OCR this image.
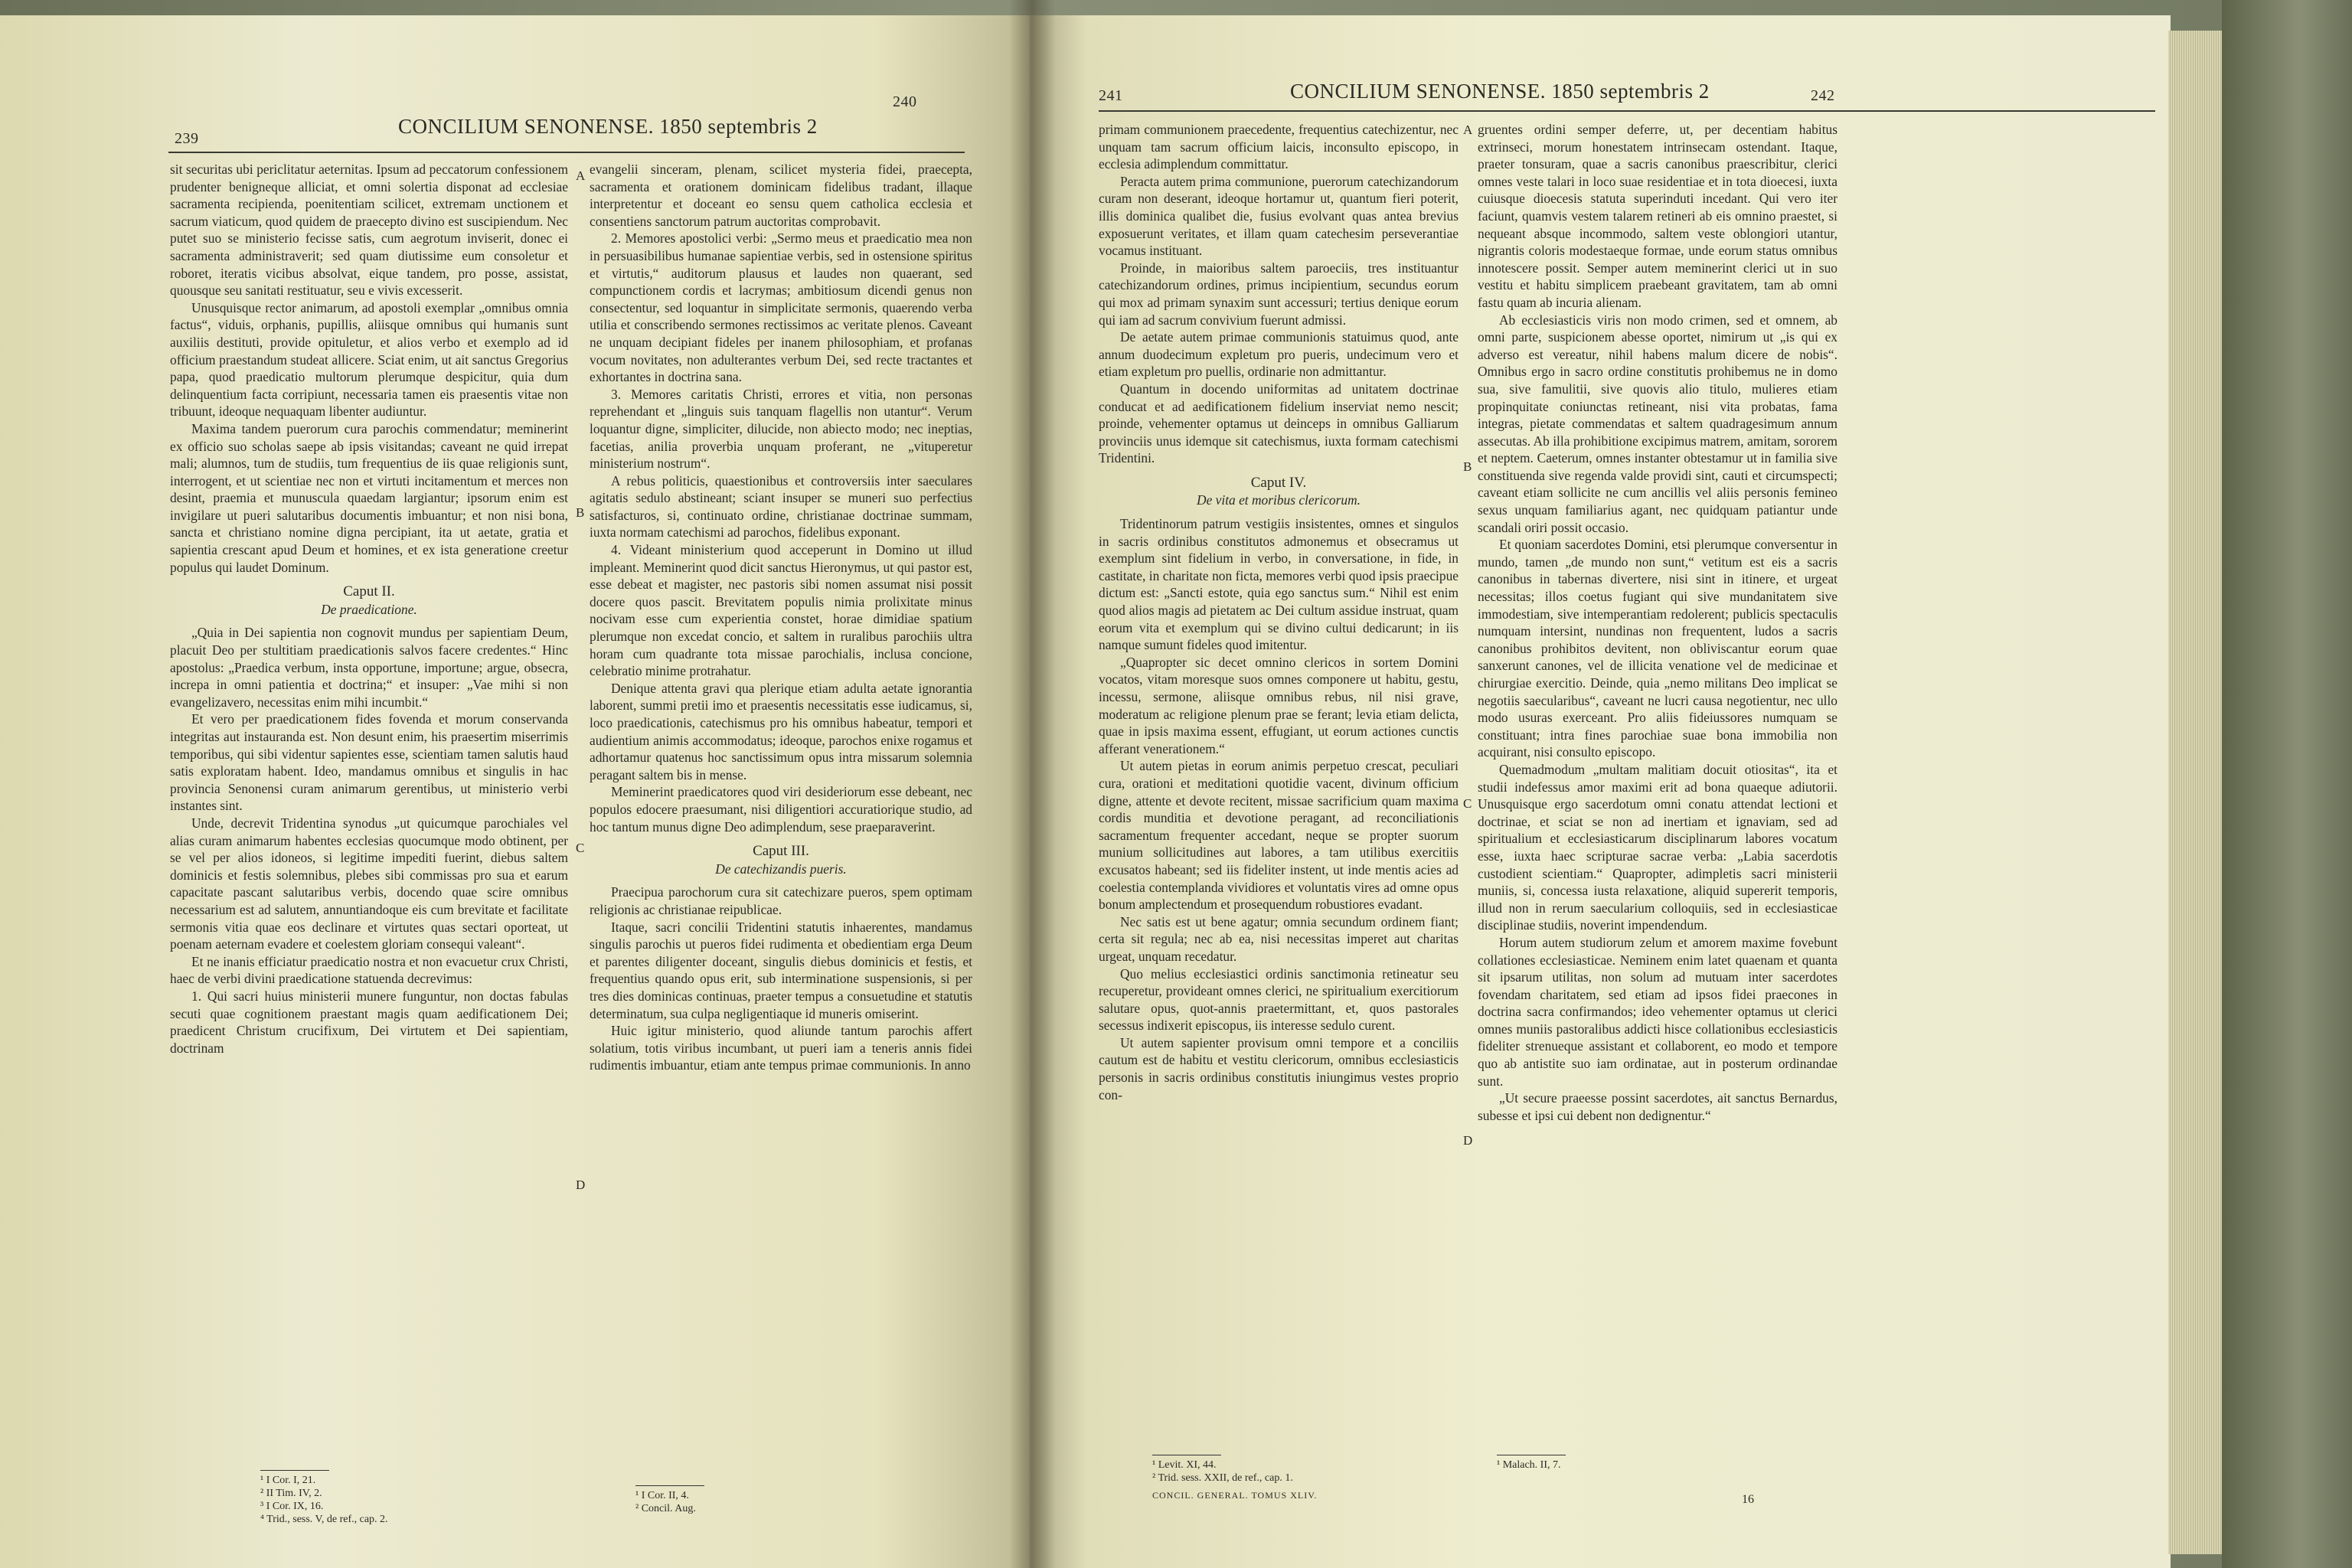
CONCILIUM SENONENSE. 1850 septembris 2
239
240

sit securitas ubi periclitatur aeternitas. Ipsum ad peccatorum confessionem prudenter benigneque alliciat, et omni solertia disponat ad ecclesiae sacramenta recipienda, poenitentiam scilicet, extremam unctionem et sacrum viaticum, quod quidem de praecepto divino est suscipiendum. Nec putet suo se ministerio fecisse satis, cum aegrotum inviserit, donec ei sacramenta administraverit; sed quam diutissime eum consoletur et roboret, iteratis vicibus absolvat, eique tandem, pro posse, assistat, quousque seu sanitati restituatur, seu e vivis excesserit.

Unusquisque rector animarum, ad apostoli exemplar „omnibus omnia factus“, viduis, orphanis, pupillis, aliisque omnibus qui humanis sunt auxiliis destituti, provide opituletur, et alios verbo et exemplo ad id officium praestandum studeat allicere. Sciat enim, ut ait sanctus Gregorius papa, quod praedicatio multorum plerumque despicitur, quia dum delinquentium facta corripiunt, necessaria tamen eis praesentis vitae non tribuunt, ideoque nequaquam libenter audiuntur.

Maxima tandem puerorum cura parochis commendatur; meminerint ex officio suo scholas saepe ab ipsis visitandas; caveant ne quid irrepat mali; alumnos, tum de studiis, tum frequentius de iis quae religionis sunt, interrogent, et ut scientiae nec non et virtuti incitamentum et merces non desint, praemia et munuscula quaedam largiantur; ipsorum enim est invigilare ut pueri salutaribus documentis imbuantur; et non nisi bona, sancta et christiano nomine digna percipiant, ita ut aetate, gratia et sapientia crescant apud Deum et homines, et ex ista generatione creetur populus qui laudet Dominum.

Caput II.

De praedicatione.

„Quia in Dei sapientia non cognovit mundus per sapientiam Deum, placuit Deo per stultitiam praedicationis salvos facere credentes.“ Hinc apostolus: „Praedica verbum, insta opportune, importune; argue, obsecra, increpa in omni patientia et doctrina;“ et insuper: „Vae mihi si non evangelizavero, necessitas enim mihi incumbit.“

Et vero per praedicationem fides fovenda et morum conservanda integritas aut instauranda est. Non desunt enim, his praesertim miserrimis temporibus, qui sibi videntur sapientes esse, scientiam tamen salutis haud satis exploratam habent. Ideo, mandamus omnibus et singulis in hac provincia Senonensi curam animarum gerentibus, ut ministerio verbi instantes sint.

Unde, decrevit Tridentina synodus „ut quicumque parochiales vel alias curam animarum habentes ecclesias quocumque modo obtinent, per se vel per alios idoneos, si legitime impediti fuerint, diebus saltem dominicis et festis solemnibus, plebes sibi commissas pro sua et earum capacitate pascant salutaribus verbis, docendo quae scire omnibus necessarium est ad salutem, annuntiandoque eis cum brevitate et facilitate sermonis vitia quae eos declinare et virtutes quas sectari oporteat, ut poenam aeternam evadere et coelestem gloriam consequi valeant“.

Et ne inanis efficiatur praedicatio nostra et non evacuetur crux Christi, haec de verbi divini praedicatione statuenda decrevimus:

1. Qui sacri huius ministerii munere funguntur, non doctas fabulas secuti quae cognitionem praestant magis quam aedificationem Dei; praedicent Christum crucifixum, Dei virtutem et Dei sapientiam, doctrinam

¹ I Cor. I, 21.
² II Tim. IV, 2.
³ I Cor. IX, 16.
⁴ Trid., sess. V, de ref., cap. 2.

evangelii sinceram, plenam, scilicet mysteria fidei, praecepta, sacramenta et orationem dominicam fidelibus tradant, illaque interpretentur et doceant eo sensu quem catholica ecclesia et consentiens sanctorum patrum auctoritas comprobavit.

2. Memores apostolici verbi: „Sermo meus et praedicatio mea non in persuasibilibus humanae sapientiae verbis, sed in ostensione spiritus et virtutis,“ auditorum plausus et laudes non quaerant, sed compunctionem cordis et lacrymas; ambitiosum dicendi genus non consectentur, sed loquantur in simplicitate sermonis, quaerendo verba utilia et conscribendo sermones rectissimos ac veritate plenos. Caveant ne unquam decipiant fideles per inanem philosophiam, et profanas vocum novitates, non adulterantes verbum Dei, sed recte tractantes et exhortantes in doctrina sana.

3. Memores caritatis Christi, errores et vitia, non personas reprehendant et „linguis suis tanquam flagellis non utantur“. Verum loquantur digne, simpliciter, dilucide, non abiecto modo; nec ineptias, facetias, anilia proverbia unquam proferant, ne „vituperetur ministerium nostrum“.

A rebus politicis, quaestionibus et controversiis inter saeculares agitatis sedulo abstineant; sciant insuper se muneri suo perfectius satisfacturos, si, continuato ordine, christianae doctrinae summam, iuxta normam catechismi ad parochos, fidelibus exponant.

4. Videant ministerium quod acceperunt in Domino ut illud impleant. Meminerint quod dicit sanctus Hieronymus, ut qui pastor est, esse debeat et magister, nec pastoris sibi nomen assumat nisi possit docere quos pascit. Brevitatem populis nimia prolixitate minus nocivam esse cum experientia constet, horae dimidiae spatium plerumque non excedat concio, et saltem in ruralibus parochiis ultra horam cum quadrante tota missae parochialis, inclusa concione, celebratio minime protrahatur.

Denique attenta gravi qua plerique etiam adulta aetate ignorantia laborent, summi pretii imo et praesentis necessitatis esse iudicamus, si, loco praedicationis, catechismus pro his omnibus habeatur, tempori et audientium animis accommodatus; ideoque, parochos enixe rogamus et adhortamur quatenus hoc sanctissimum opus intra missarum solemnia peragant saltem bis in mense.

Meminerint praedicatores quod viri desideriorum esse debeant, nec populos edocere praesumant, nisi diligentiori accuratiorique studio, ad hoc tantum munus digne Deo adimplendum, sese praeparaverint.

Caput III.

De catechizandis pueris.

Praecipua parochorum cura sit catechizare pueros, spem optimam religionis ac christianae reipublicae.

Itaque, sacri concilii Tridentini statutis inhaerentes, mandamus singulis parochis ut pueros fidei rudimenta et obedientiam erga Deum et parentes diligenter doceant, singulis diebus dominicis et festis, et frequentius quando opus erit, sub interminatione suspensionis, si per tres dies dominicas continuas, praeter tempus a consuetudine et statutis determinatum, sua culpa negligentiaque id muneris omiserint.

Huic igitur ministerio, quod aliunde tantum parochis affert solatium, totis viribus incumbant, ut pueri iam a teneris annis fidei rudimentis imbuantur, etiam ante tempus primae communionis. In anno

¹ I Cor. II, 4.
² Concil. Aug.
A
B
C
D
CONCILIUM SENONENSE. 1850 septembris 2
241	242

primam communionem praecedente, frequentius catechizentur, nec unquam tam sacrum officium laicis, inconsulto episcopo, in ecclesia adimplendum committatur.

Peracta autem prima communione, puerorum catechizandorum curam non deserant, ideoque hortamur ut, quantum fieri poterit, illis dominica qualibet die, fusius evolvant quas antea brevius exposuerunt veritates, et illam quam catechesim perseverantiae vocamus instituant.

Proinde, in maioribus saltem paroeciis, tres instituantur catechizandorum ordines, primus incipientium, secundus eorum qui mox ad primam synaxim sunt accessuri; tertius denique eorum qui iam ad sacrum convivium fuerunt admissi.

De aetate autem primae communionis statuimus quod, ante annum duodecimum expletum pro pueris, undecimum vero et etiam expletum pro puellis, ordinarie non admittantur.

Quantum in docendo uniformitas ad unitatem doctrinae conducat et ad aedificationem fidelium inserviat nemo nescit; proinde, vehementer optamus ut deinceps in omnibus Galliarum provinciis unus idemque sit catechismus, iuxta formam catechismi Tridentini.

Caput IV.

De vita et moribus clericorum.

Tridentinorum patrum vestigiis insistentes, omnes et singulos in sacris ordinibus constitutos admonemus et obsecramus ut exemplum sint fidelium in verbo, in conversatione, in fide, in castitate, in charitate non ficta, memores verbi quod ipsis praecipue dictum est: „Sancti estote, quia ego sanctus sum.“ Nihil est enim quod alios magis ad pietatem ac Dei cultum assidue instruat, quam eorum vita et exemplum qui se divino cultui dedicarunt; in iis namque sumunt fideles quod imitentur.

„Quapropter sic decet omnino clericos in sortem Domini vocatos, vitam moresque suos omnes componere ut habitu, gestu, incessu, sermone, aliisque omnibus rebus, nil nisi grave, moderatum ac religione plenum prae se ferant; levia etiam delicta, quae in ipsis maxima essent, effugiant, ut eorum actiones cunctis afferant venerationem.“

Ut autem pietas in eorum animis perpetuo crescat, peculiari cura, orationi et meditationi quotidie vacent, divinum officium digne, attente et devote recitent, missae sacrificium quam maxima cordis munditia et devotione peragant, ad reconciliationis sacramentum frequenter accedant, neque se propter suorum munium sollicitudines aut labores, a tam utilibus exercitiis excusatos habeant; sed iis fideliter instent, ut inde mentis acies ad coelestia contemplanda vividiores et voluntatis vires ad omne opus bonum amplectendum et prosequendum robustiores evadant.

Nec satis est ut bene agatur; omnia secundum ordinem fiant; certa sit regula; nec ab ea, nisi necessitas imperet aut charitas urgeat, unquam recedatur.

Quo melius ecclesiastici ordinis sanctimonia retineatur seu recuperetur, provideant omnes clerici, ne spiritualium exercitiorum salutare opus, quot-annis praetermittant, et, quos pastorales secessus indixerit episcopus, iis interesse sedulo curent.

Ut autem sapienter provisum omni tempore et a conciliis cautum est de habitu et vestitu clericorum, omnibus ecclesiasticis personis in sacris ordinibus constitutis iniungimus vestes proprio con-

¹ Levit. XI, 44.
² Trid. sess. XXII, de ref., cap. 1.
CONCIL. GENERAL. TOMUS XLIV.

gruentes ordini semper deferre, ut, per decentiam habitus extrinseci, morum honestatem intrinsecam ostendant. Itaque, praeter tonsuram, quae a sacris canonibus praescribitur, clerici omnes veste talari in loco suae residentiae et in tota dioecesi, iuxta cuiusque dioecesis statuta superinduti incedant. Qui vero iter faciunt, quamvis vestem talarem retineri ab eis omnino praestet, si nequeant absque incommodo, saltem veste oblongiori utantur, nigrantis coloris modestaeque formae, unde eorum status omnibus innotescere possit. Semper autem meminerint clerici ut in suo vestitu et habitu simplicem praebeant gravitatem, tam ab omni fastu quam ab incuria alienam.

Ab ecclesiasticis viris non modo crimen, sed et omnem, ab omni parte, suspicionem abesse oportet, nimirum ut „is qui ex adverso est vereatur, nihil habens malum dicere de nobis“. Omnibus ergo in sacro ordine constitutis prohibemus ne in domo sua, sive famulitii, sive quovis alio titulo, mulieres etiam propinquitate coniunctas retineant, nisi vita probatas, fama integras, pietate commendatas et saltem quadragesimum annum assecutas. Ab illa prohibitione excipimus matrem, amitam, sororem et neptem. Caeterum, omnes instanter obtestamur ut in familia sive constituenda sive regenda valde providi sint, cauti et circumspecti; caveant etiam sollicite ne cum ancillis vel aliis personis femineo sexus unquam familiarius agant, nec quidquam patiantur unde scandali oriri possit occasio.

Et quoniam sacerdotes Domini, etsi plerumque conversentur in mundo, tamen „de mundo non sunt,“ vetitum est eis a sacris canonibus in tabernas divertere, nisi sint in itinere, et urgeat necessitas; illos coetus fugiant qui sive mundanitatem sive immodestiam, sive intemperantiam redolerent; publicis spectaculis numquam intersint, nundinas non frequentent, ludos a sacris canonibus prohibitos devitent, non obliviscantur eorum quae sanxerunt canones, vel de illicita venatione vel de medicinae et chirurgiae exercitio. Deinde, quia „nemo militans Deo implicat se negotiis saecularibus“, caveant ne lucri causa negotientur, nec ullo modo usuras exerceant. Pro aliis fideiussores numquam se constituant; intra fines parochiae suae bona immobilia non acquirant, nisi consulto episcopo.

Quemadmodum „multam malitiam docuit otiositas“, ita et studii indefessus amor maximi erit ad bona quaeque adiutorii. Unusquisque ergo sacerdotum omni conatu attendat lectioni et doctrinae, et sciat se non ad inertiam et ignaviam, sed ad spiritualium et ecclesiasticarum disciplinarum labores vocatum esse, iuxta haec scripturae sacrae verba: „Labia sacerdotis custodient scientiam.“ Quapropter, adimpletis sacri ministerii muniis, si, concessa iusta relaxatione, aliquid supererit temporis, illud non in rerum saecularium colloquiis, sed in ecclesiasticae disciplinae studiis, noverint impendendum.

Horum autem studiorum zelum et amorem maxime fovebunt collationes ecclesiasticae. Neminem enim latet quaenam et quanta sit ipsarum utilitas, non solum ad mutuam inter sacerdotes fovendam charitatem, sed etiam ad ipsos fidei praecones in doctrina sacra confirmandos; ideo vehementer optamus ut clerici omnes muniis pastoralibus addicti hisce collationibus ecclesiasticis fideliter strenueque assistant et collaborent, eo modo et tempore quo ab antistite suo iam ordinatae, aut in posterum ordinandae sunt.

„Ut secure praeesse possint sacerdotes, ait sanctus Bernardus, subesse et ipsi cui debent non dedignentur.“

¹ Malach. II, 7.
16
A
B
C
D
